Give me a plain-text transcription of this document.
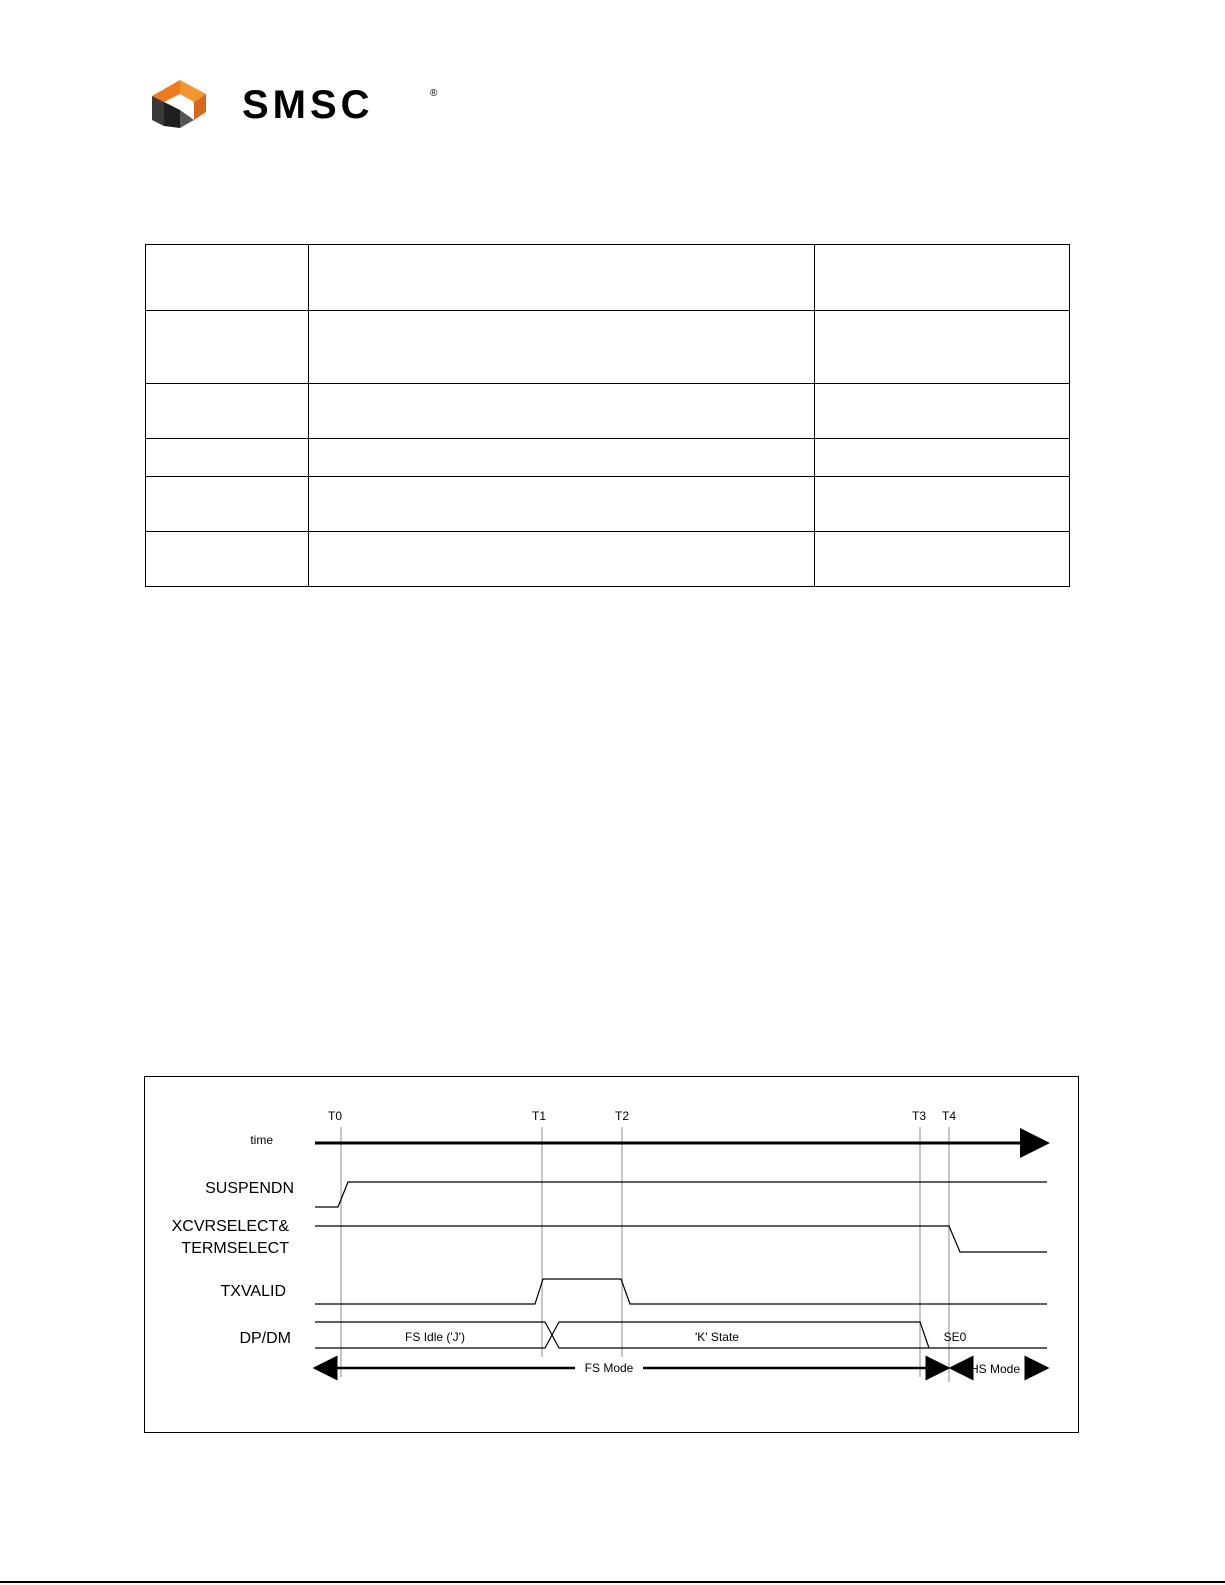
SMSC	®

T0	T1	T2	T3 T4
time
SUSPENDN
XCVRSELECT&
TERMSELECT
TXVALID
DP/DM	FS Idle ('J')	'K' State	SE0
FS Mode	HS Mode
